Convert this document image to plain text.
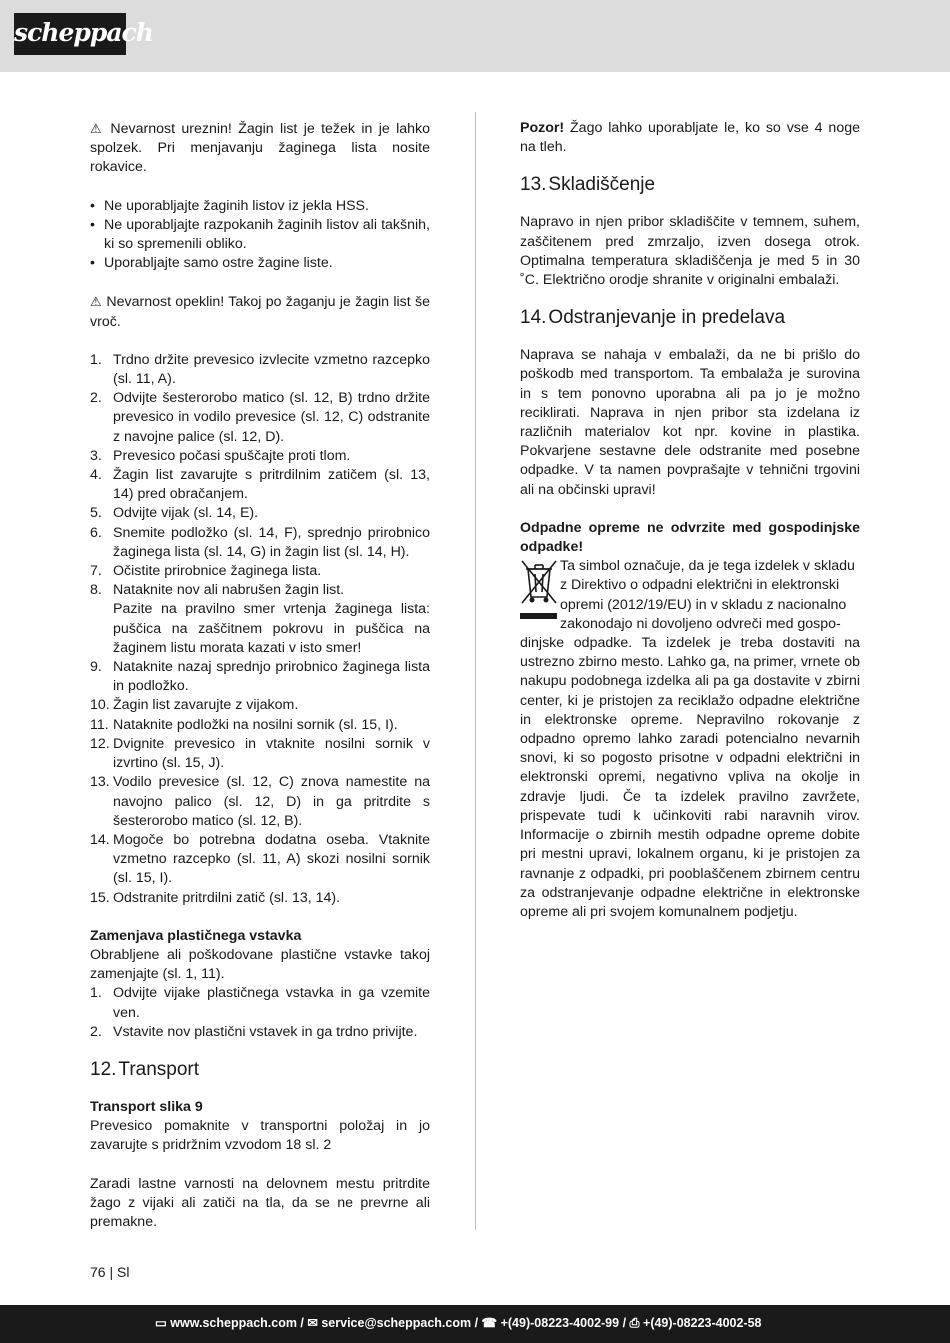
scheppach

⚠ Nevarnost ureznin! Žagin list je težek in je lahko spolzek. Pri menjavanju žaginega lista nosite rokavice.

• Ne uporabljajte žaginih listov iz jekla HSS.
• Ne uporabljajte razpokanih žaginih listov ali takšnih, ki so spremenili obliko.
• Uporabljajte samo ostre žagine liste.

⚠ Nevarnost opeklin! Takoj po žaganju je žagin list še vroč.

1. Trdno držite prevesico izvlecite vzmetno razcepko (sl. 11, A).
2. Odvijte šesterorobo matico (sl. 12, B) trdno držite prevesico in vodilo prevesice (sl. 12, C) odstranite z navojne palice (sl. 12, D).
3. Prevesico počasi spuščajte proti tlom.
4. Žagin list zavarujte s pritrdilnim zatičem (sl. 13, 14) pred obračanjem.
5. Odvijte vijak (sl. 14, E).
6. Snemite podložko (sl. 14, F), sprednjo prirobnico žaginega lista (sl. 14, G) in žagin list (sl. 14, H).
7. Očistite prirobnice žaginega lista.
8. Nataknite nov ali nabrušen žagin list.

Pazite na pravilno smer vrtenja žaginega lista: puščica na zaščitnem pokrovu in puščica na žaginem listu morata kazati v isto smer!

9. Nataknite nazaj sprednjo prirobnico žaginega lista in podložko.
10. Žagin list zavarujte z vijakom.
11. Nataknite podložki na nosilni sornik (sl. 15, I).
12. Dvignite prevesico in vtaknite nosilni sornik v izvrtino (sl. 15, J).
13. Vodilo prevesice (sl. 12, C) znova namestite na navojno palico (sl. 12, D) in ga pritrdite s šesterorobo matico (sl. 12, B).
14. Mogoče bo potrebna dodatna oseba. Vtaknite vzmetno razcepko (sl. 11, A) skozi nosilni sornik (sl. 15, I).
15. Odstranite pritrdilni zatič (sl. 13, 14).

Zamenjava plastičnega vstavka

Obrabljene ali poškodovane plastične vstavke takoj zamenjajte (sl. 1, 11).

1. Odvijte vijake plastičnega vstavka in ga vzemite ven.
2. Vstavite nov plastični vstavek in ga trdno privijte.
12. Transport

Transport slika 9

Prevesico pomaknite v transportni položaj in jo zavarujte s pridržnim vzvodom 18 sl. 2

Zaradi lastne varnosti na delovnem mestu pritrdite žago z vijaki ali zatiči na tla, da se ne prevrne ali premakne.

Pozor! Žago lahko uporabljate le, ko so vse 4 noge na tleh.

13. Skladiščenje

Napravo in njen pribor skladiščite v temnem, suhem, zaščitenem pred zmrzaljo, izven dosega otrok. Optimalna temperatura skladiščenja je med 5 in 30 ˚C. Električno orodje shranite v originalni embalaži.

14. Odstranjevanje in predelava

Naprava se nahaja v embalaži, da ne bi prišlo do poškodb med transportom. Ta embalaža je surovina in s tem ponovno uporabna ali pa jo je možno reciklirati. Naprava in njen pribor sta izdelana iz različnih materialov kot npr. kovine in plastika. Pokvarjene sestavne dele odstranite med posebne odpadke. V ta namen povprašajte v tehnični trgovini ali na občinski upravi!

Odpadne opreme ne odvrzite med gospodinjske odpadke!

Ta simbol označuje, da je tega izdelek v skladu

z Direktivo o odpadni električni in elektronski

opremi (2012/19/EU) in v skladu z nacionalno

zakonodajo ni dovoljeno odvreči med gospo-

dinjske odpadke. Ta izdelek je treba dostaviti na ustrezno zbirno mesto. Lahko ga, na primer, vrnete ob nakupu podobnega izdelka ali pa ga dostavite v zbirni center, ki je pristojen za reciklažo odpadne električne in elektronske opreme. Nepravilno rokovanje z odpadno opremo lahko zaradi potencialno nevarnih snovi, ki so pogosto prisotne v odpadni električni in elektronski opremi, negativno vpliva na okolje in zdravje ljudi. Če ta izdelek pravilno zavržete, prispevate tudi k učinkoviti rabi naravnih virov. Informacije o zbirnih mestih odpadne opreme dobite pri mestni upravi, lokalnem organu, ki je pristojen za ravnanje z odpadki, pri pooblaščenem zbirnem centru za odstranjevanje odpadne električne in elektronske opreme ali pri svojem komunalnem podjetju.

76 | Sl
▭ www.scheppach.com / ✉ service@scheppach.com / ☎ +(49)-08223-4002-99 / ⎙ +(49)-08223-4002-58
